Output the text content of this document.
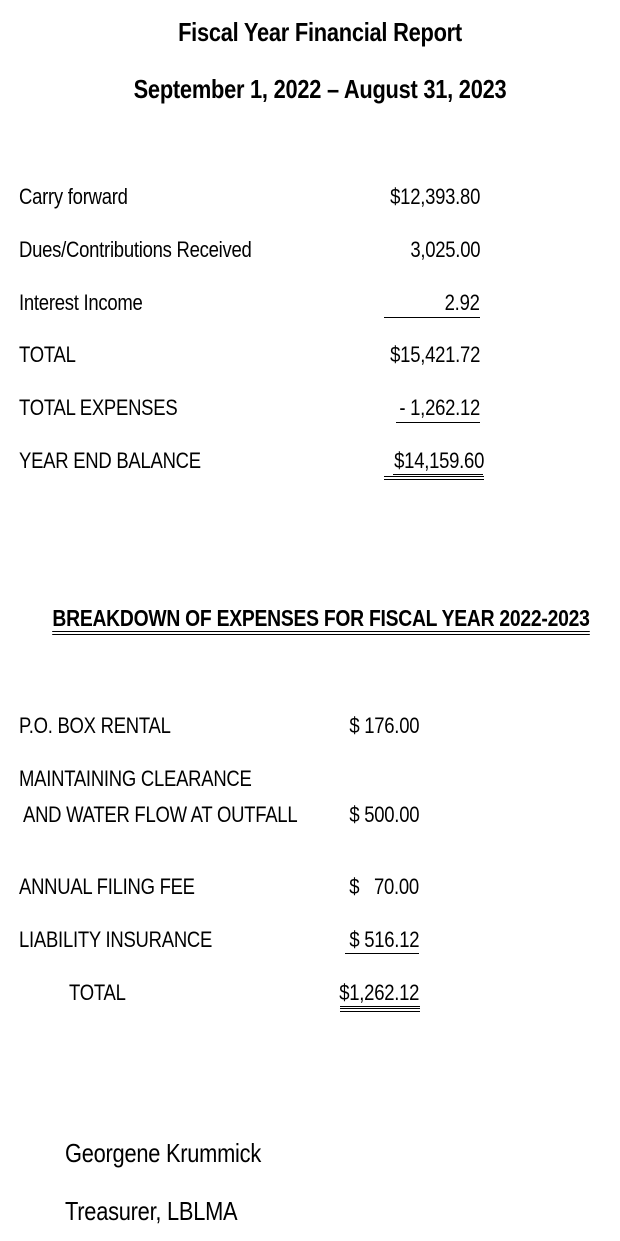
Fiscal Year Financial Report
September 1, 2022 – August 31, 2023
Carry forward	$12,393.80
Dues/Contributions Received	3,025.00
Interest Income	2.92
TOTAL	$15,421.72
TOTAL EXPENSES	- 1,262.12
YEAR END BALANCE	$14,159.60
BREAKDOWN OF EXPENSES FOR FISCAL YEAR 2022-2023
P.O. BOX RENTAL	$ 176.00
MAINTAINING CLEARANCE
AND WATER FLOW AT OUTFALL $ 500.00
ANNUAL FILING FEE	$   70.00
LIABILITY INSURANCE	$ 516.12
TOTAL	$1,262.12
Georgene Krummick
Treasurer, LBLMA
